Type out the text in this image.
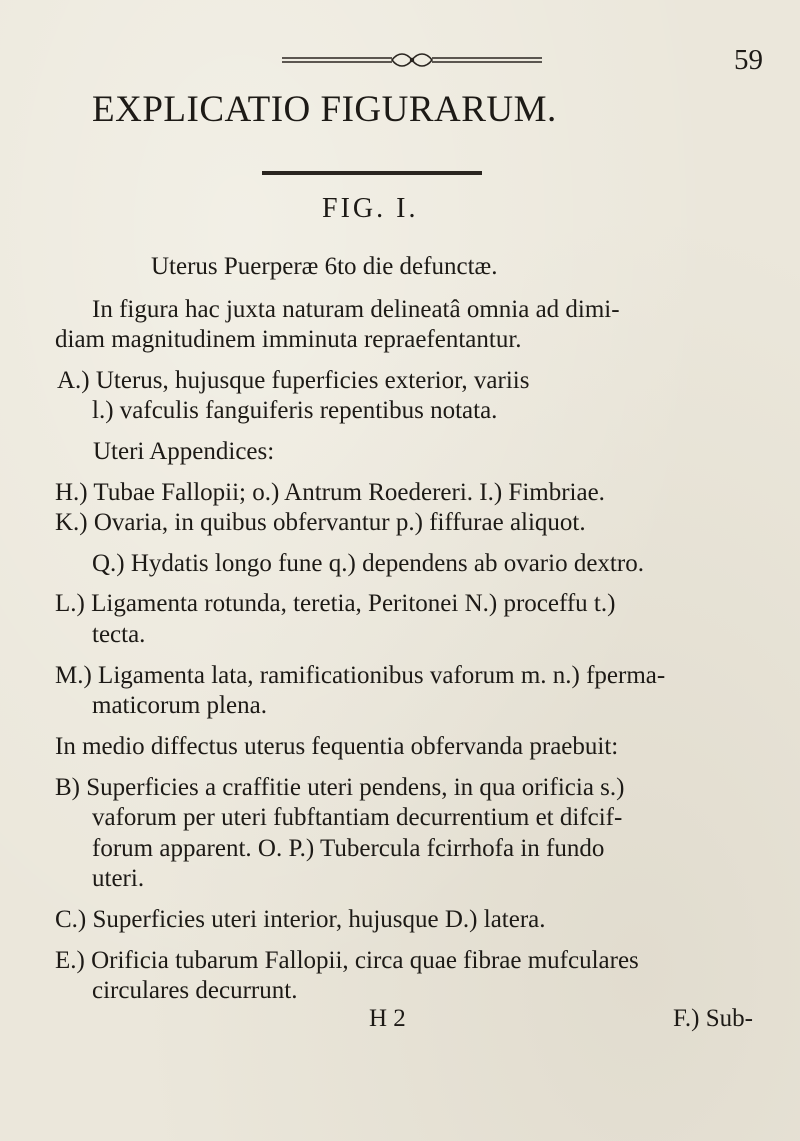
59
EXPLICATIO FIGURARUM.
FIG. I.
Uterus Puerperæ 6to die defunctæ.
In figura hac juxta naturam delineatâ omnia ad dimi-
diam magnitudinem imminuta repraefentantur.
A.) Uterus, hujusque fuperficies exterior, variis
l.) vafculis fanguiferis repentibus notata.
Uteri Appendices:
H.) Tubae Fallopii; o.) Antrum Roedereri. I.) Fimbriae.
K.) Ovaria, in quibus obfervantur p.) fiffurae aliquot.
Q.) Hydatis longo fune q.) dependens ab ovario dextro.
L.) Ligamenta rotunda, teretia, Peritonei N.) proceffu t.)
tecta.
M.) Ligamenta lata, ramificationibus vaforum m. n.) fperma-
maticorum plena.
In medio diffectus uterus fequentia obfervanda praebuit:
B) Superficies a craffitie uteri pendens, in qua orificia s.)
vaforum per uteri fubftantiam decurrentium et difcif-
forum apparent. O. P.) Tubercula fcirrhofa in fundo
uteri.
C.) Superficies uteri interior, hujusque D.) latera.
E.) Orificia tubarum Fallopii, circa quae fibrae mufculares
circulares decurrunt.
H 2	F.) Sub-
